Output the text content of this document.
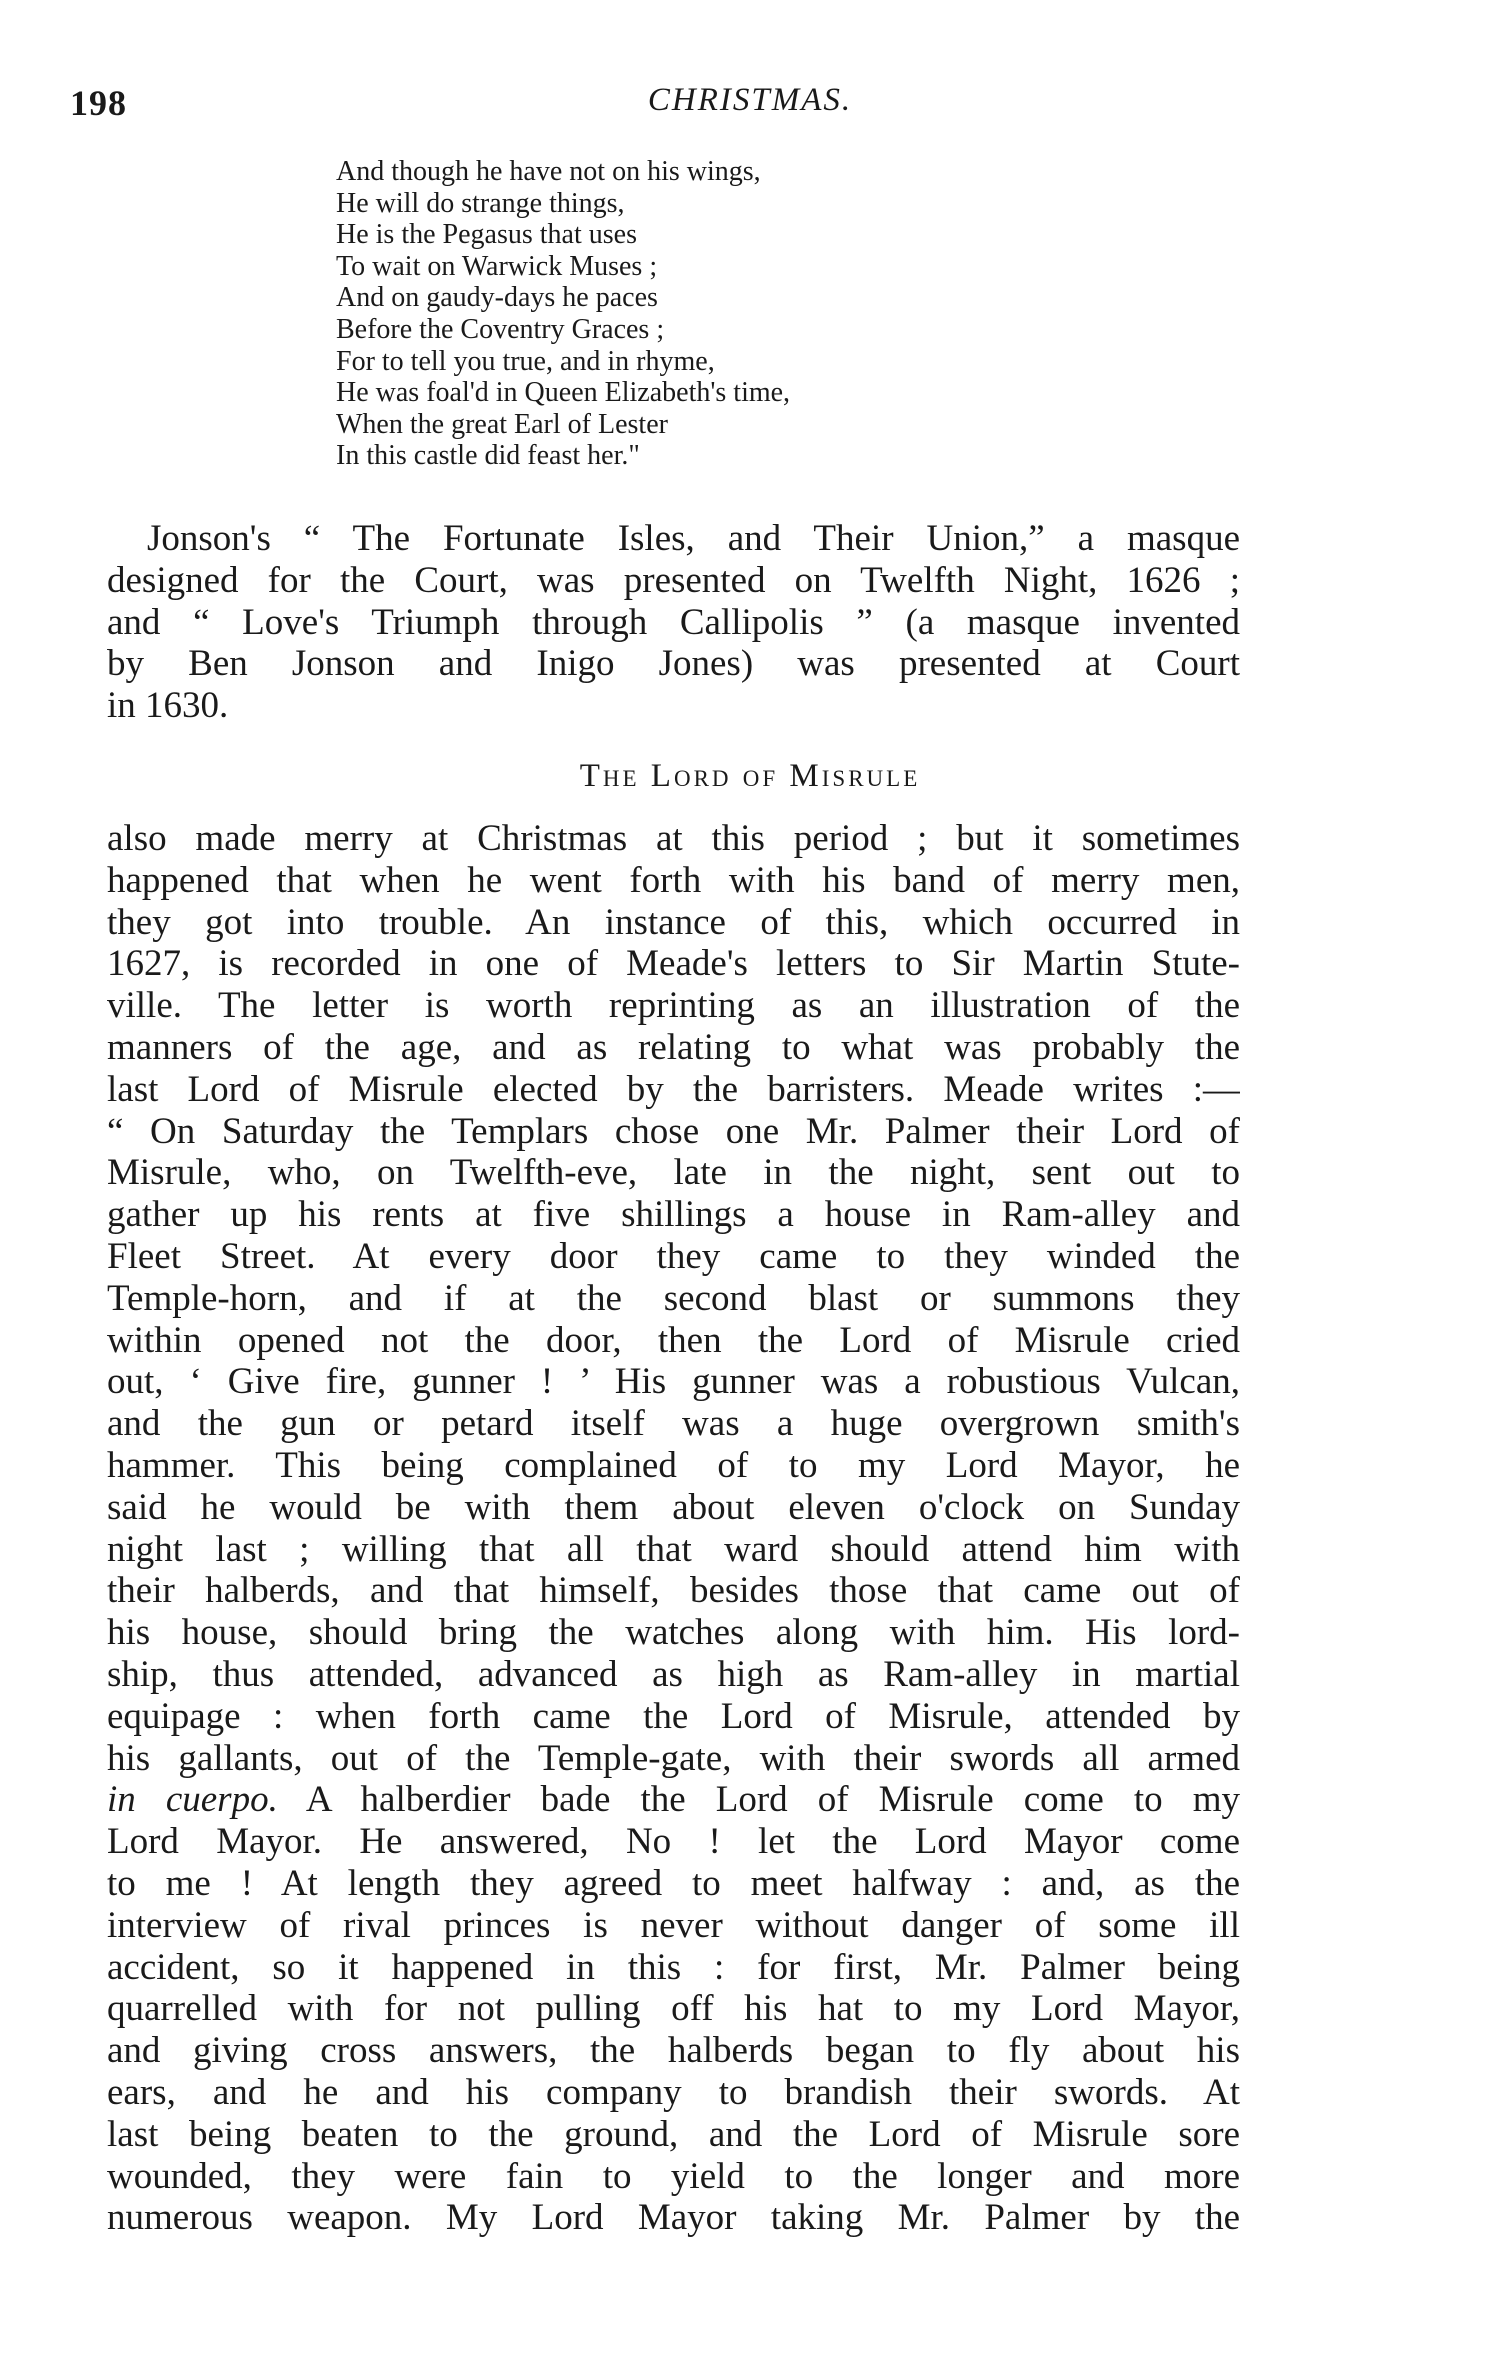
198	CHRISTMAS.
And though he have not on his wings,
He will do strange things,
He is the Pegasus that uses
To wait on Warwick Muses ;
And on gaudy-days he paces
Before the Coventry Graces ;
For to tell you true, and in rhyme,
He was foal'd in Queen Elizabeth's time,
When the great Earl of Lester
In this castle did feast her."
Jonson's “ The Fortunate Isles, and Their Union,” a masque
designed for the Court, was presented on Twelfth Night, 1626 ;
and “ Love's Triumph through Callipolis ” (a masque invented
by Ben Jonson and Inigo Jones) was presented at Court
in 1630.
The Lord of Misrule
also made merry at Christmas at this period ; but it sometimes
happened that when he went forth with his band of merry men,
they got into trouble. An instance of this, which occurred in
1627, is recorded in one of Meade's letters to Sir Martin Stute-
ville. The letter is worth reprinting as an illustration of the
manners of the age, and as relating to what was probably the
last Lord of Misrule elected by the barristers. Meade writes :—
“ On Saturday the Templars chose one Mr. Palmer their Lord of
Misrule, who, on Twelfth-eve, late in the night, sent out to
gather up his rents at five shillings a house in Ram-alley and
Fleet Street. At every door they came to they winded the
Temple-horn, and if at the second blast or summons they
within opened not the door, then the Lord of Misrule cried
out, ‘ Give fire, gunner ! ’ His gunner was a robustious Vulcan,
and the gun or petard itself was a huge overgrown smith's
hammer. This being complained of to my Lord Mayor, he
said he would be with them about eleven o'clock on Sunday
night last ; willing that all that ward should attend him with
their halberds, and that himself, besides those that came out of
his house, should bring the watches along with him. His lord-
ship, thus attended, advanced as high as Ram-alley in martial
equipage : when forth came the Lord of Misrule, attended by
his gallants, out of the Temple-gate, with their swords all armed
in cuerpo. A halberdier bade the Lord of Misrule come to my
Lord Mayor. He answered, No ! let the Lord Mayor come
to me ! At length they agreed to meet halfway : and, as the
interview of rival princes is never without danger of some ill
accident, so it happened in this : for first, Mr. Palmer being
quarrelled with for not pulling off his hat to my Lord Mayor,
and giving cross answers, the halberds began to fly about his
ears, and he and his company to brandish their swords. At
last being beaten to the ground, and the Lord of Misrule sore
wounded, they were fain to yield to the longer and more
numerous weapon. My Lord Mayor taking Mr. Palmer by the
